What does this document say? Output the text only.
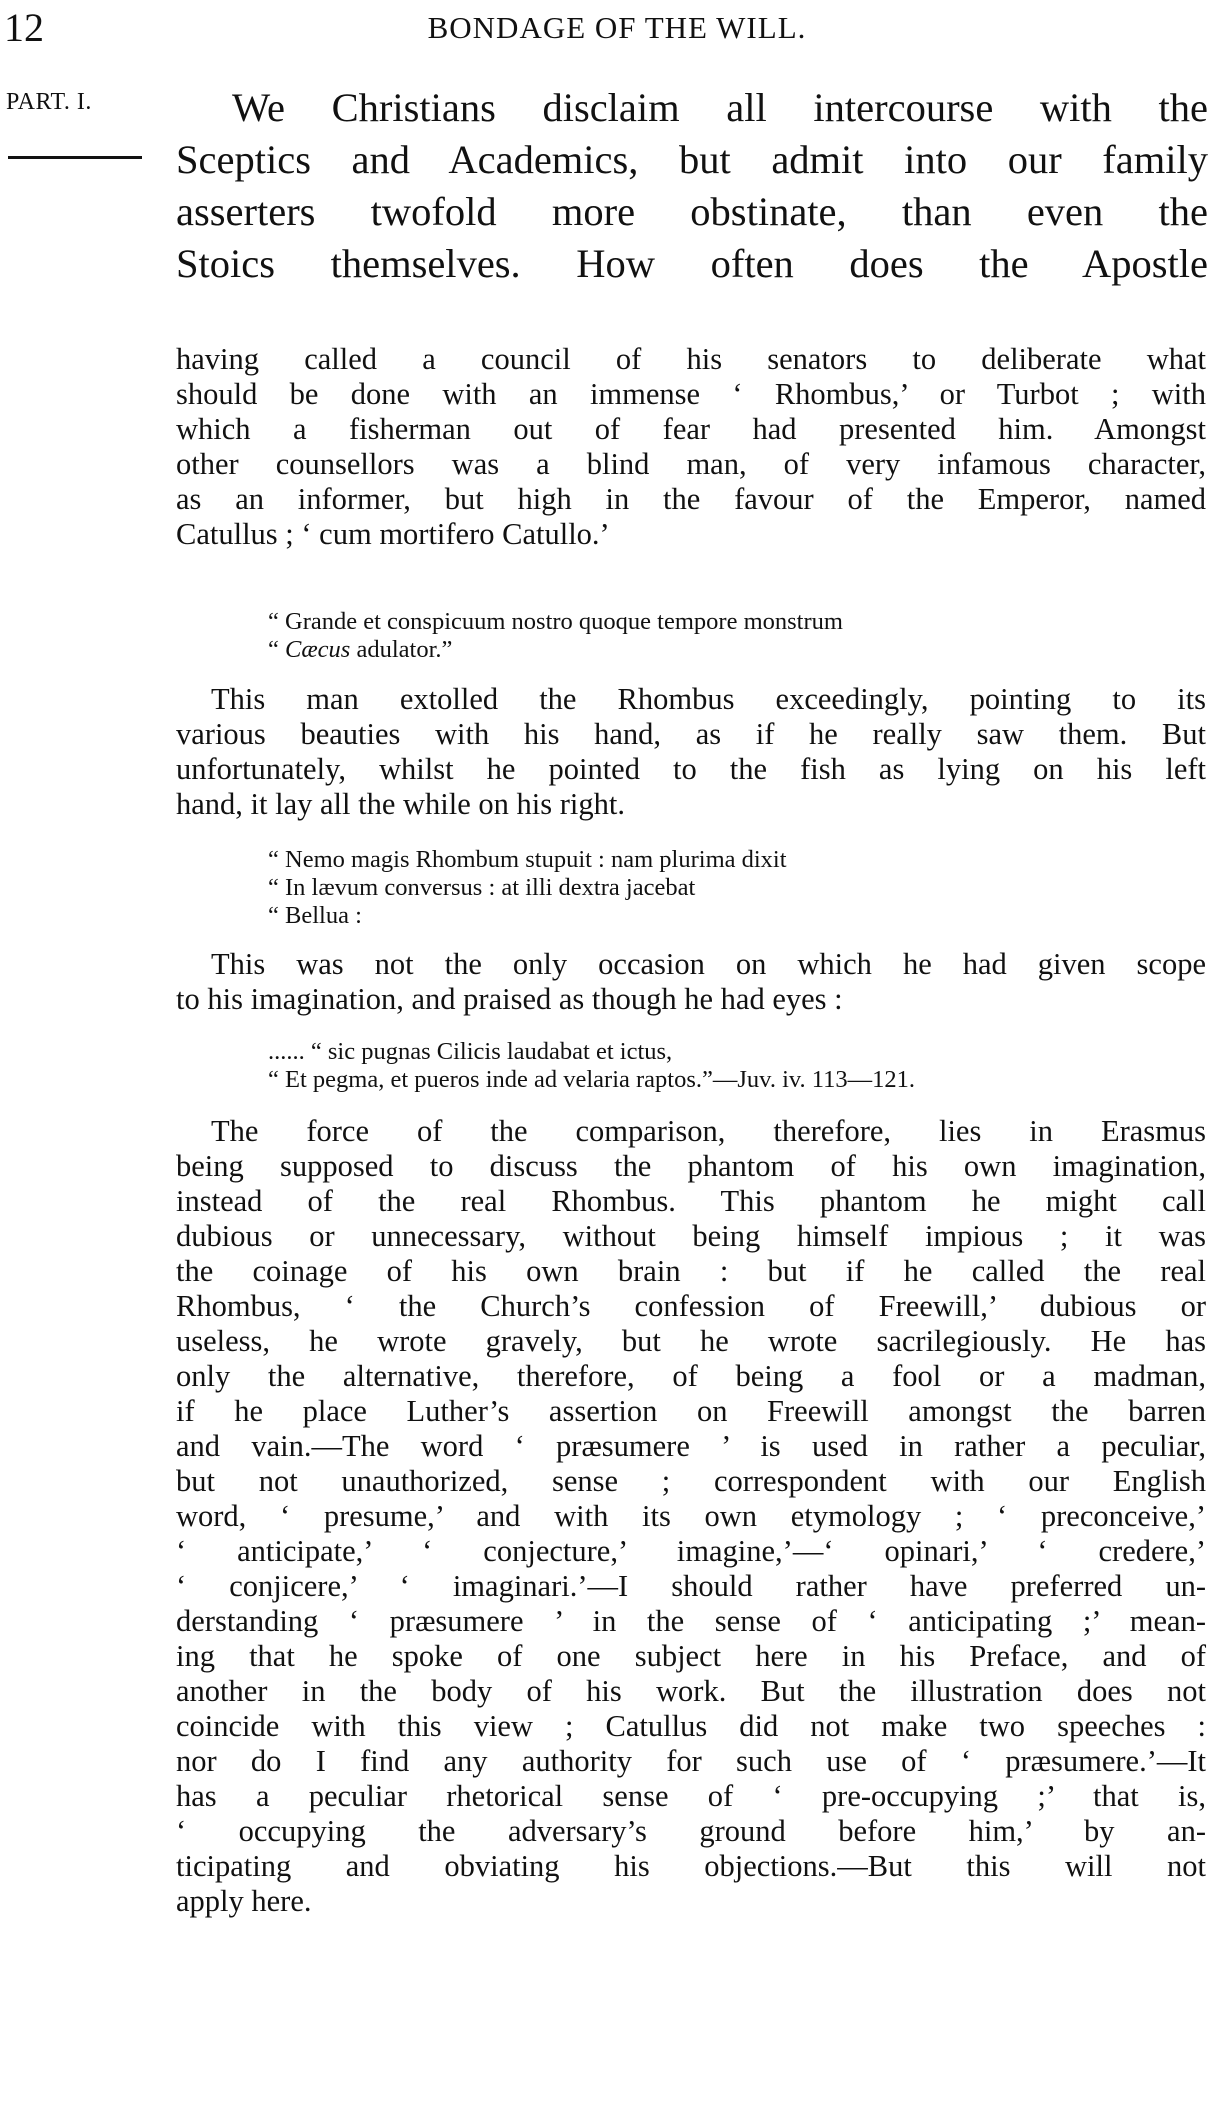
12	BONDAGE OF THE WILL.
PART. I.	We Christians disclaim all intercourse with the
Sceptics and Academics, but admit into our family
asserters twofold more obstinate, than even the
Stoics themselves. How often does the Apostle
having called a council of his senators to deliberate what
should be done with an immense ‘ Rhombus,’ or Turbot ; with
which a fisherman out of fear had presented him. Amongst
other counsellors was a blind man, of very infamous character,
as an informer, but high in the favour of the Emperor, named
Catullus ; ‘ cum mortifero Catullo.’
“ Grande et conspicuum nostro quoque tempore monstrum
“ Cæcus adulator.”
This man extolled the Rhombus exceedingly, pointing to its
various beauties with his hand, as if he really saw them. But
unfortunately, whilst he pointed to the fish as lying on his left
hand, it lay all the while on his right.
“ Nemo magis Rhombum stupuit : nam plurima dixit
“ In lævum conversus : at illi dextra jacebat
“ Bellua :
This was not the only occasion on which he had given scope
to his imagination, and praised as though he had eyes :
...... “ sic pugnas Cilicis laudabat et ictus,
“ Et pegma, et pueros inde ad velaria raptos.”—Juv. iv. 113—121.
The force of the comparison, therefore, lies in Erasmus
being supposed to discuss the phantom of his own imagination,
instead of the real Rhombus. This phantom he might call
dubious or unnecessary, without being himself impious ; it was
the coinage of his own brain : but if he called the real
Rhombus, ‘ the Church’s confession of Freewill,’ dubious or
useless, he wrote gravely, but he wrote sacrilegiously. He has
only the alternative, therefore, of being a fool or a madman,
if he place Luther’s assertion on Freewill amongst the barren
and vain.—The word ‘ præsumere ’ is used in rather a peculiar,
but not unauthorized, sense ; correspondent with our English
word, ‘ presume,’ and with its own etymology ; ‘ preconceive,’
‘ anticipate,’ ‘ conjecture,’ imagine,’—‘ opinari,’ ‘ credere,’
‘ conjicere,’ ‘ imaginari.’—I should rather have preferred un-
derstanding ‘ præsumere ’ in the sense of ‘ anticipating ;’ mean-
ing that he spoke of one subject here in his Preface, and of
another in the body of his work. But the illustration does not
coincide with this view ; Catullus did not make two speeches :
nor do I find any authority for such use of ‘ præsumere.’—It
has a peculiar rhetorical sense of ‘ pre-occupying ;’ that is,
‘ occupying the adversary’s ground before him,’ by an-
ticipating and obviating his objections.—But this will not
apply here.
